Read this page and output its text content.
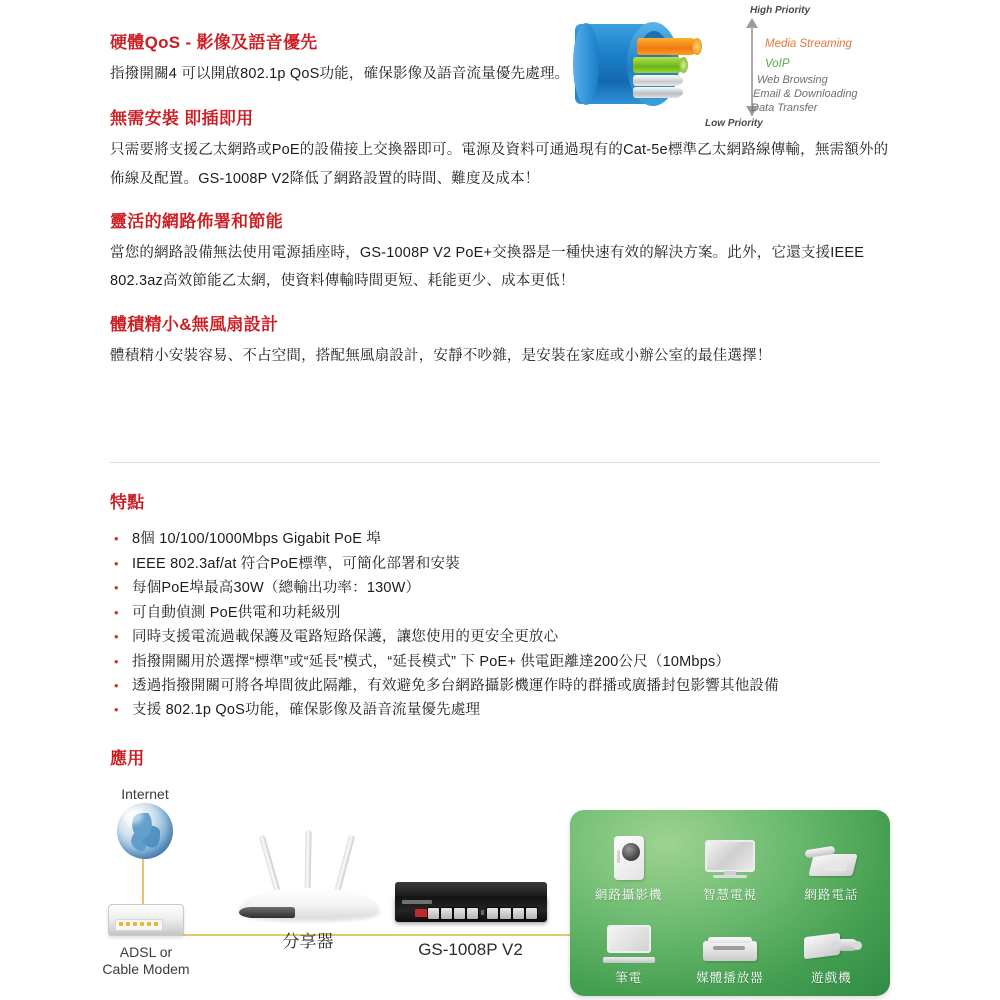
High Priority
Media Streaming
VoIP
Web Browsing
Email & Downloading
Data Transfer
Low Priority
硬體QoS - 影像及語音優先

指撥開關4 可以開啟802.1p QoS功能，確保影像及語音流量優先處理。

無需安裝 即插即用

只需要將支援乙太網路或PoE的設備接上交換器即可。電源及資料可通過現有的Cat-5e標準乙太網路線傳輸，無需額外的佈線及配置。GS-1008P V2降低了網路設置的時間、難度及成本！

靈活的網路佈署和節能

當您的網路設備無法使用電源插座時，GS-1008P V2 PoE+交換器是一種快速有效的解決方案。此外，它還支援IEEE 802.3az高效節能乙太網，使資料傳輸時間更短、耗能更少、成本更低！

體積精小&無風扇設計

體積精小安裝容易、不占空間，搭配無風扇設計，安靜不吵雜，是安裝在家庭或小辦公室的最佳選擇！

特點
• 8個 10/100/1000Mbps Gigabit PoE 埠
• IEEE 802.3af/at 符合PoE標準，可簡化部署和安裝
• 每個PoE埠最高30W（總輸出功率：130W）
• 可自動偵測 PoE供電和功耗級別
• 同時支援電流過載保護及電路短路保護，讓您使用的更安全更放心
• 指撥開關用於選擇“標準”或“延長”模式，“延長模式” 下 PoE+ 供電距離達200公尺（10Mbps）
• 透過指撥開關可將各埠間彼此隔離，有效避免多台網路攝影機運作時的群播或廣播封包影響其他設備
• 支援 802.1p QoS功能，確保影像及語音流量優先處理
應用
Internet
ADSL or
Cable Modem
分享器	GS-1008P V2
網路攝影機	智慧電視	網路電話
筆電	媒體播放器	遊戲機
